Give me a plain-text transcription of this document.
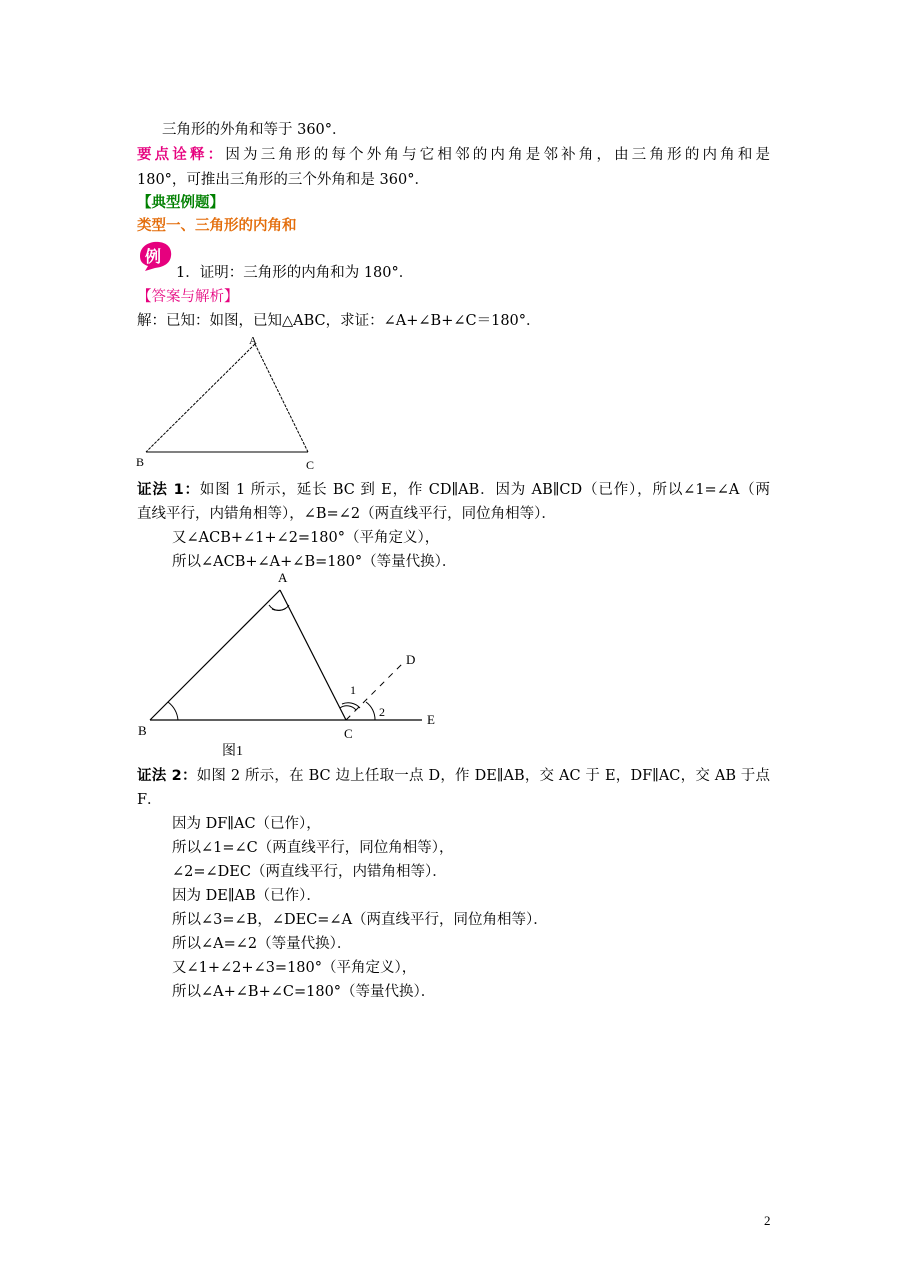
三角形的外角和等于 360°．
要点诠释：因为三角形的每个外角与它相邻的内角是邻补角，由三角形的内角和是
180°，可推出三角形的三个外角和是 360°．
【典型例题】
类型一、三角形的内角和
例
1．证明：三角形的内角和为 180°．
【答案与解析】
解：已知：如图，已知△ABC，求证：∠A+∠B+∠C＝180°．
A
B	C
证法 1：如图 1 所示，延长 BC 到 E，作 CD∥AB．因为 AB∥CD（已作），所以∠1=∠A（两
直线平行，内错角相等），∠B=∠2（两直线平行，同位角相等）．
又∠ACB+∠1+∠2=180°（平角定义），
所以∠ACB+∠A+∠B=180°（等量代换）．
A
B	C
D
E
1
2
图1
证法 2：如图 2 所示，在 BC 边上任取一点 D，作 DE∥AB，交 AC 于 E，DF∥AC，交 AB 于点
F．
因为 DF∥AC（已作），
所以∠1=∠C（两直线平行，同位角相等），
∠2=∠DEC（两直线平行，内错角相等）．
因为 DE∥AB（已作）．
所以∠3=∠B，∠DEC=∠A（两直线平行，同位角相等）．
所以∠A=∠2（等量代换）．
又∠1+∠2+∠3=180°（平角定义），
所以∠A+∠B+∠C=180°（等量代换）．
2
